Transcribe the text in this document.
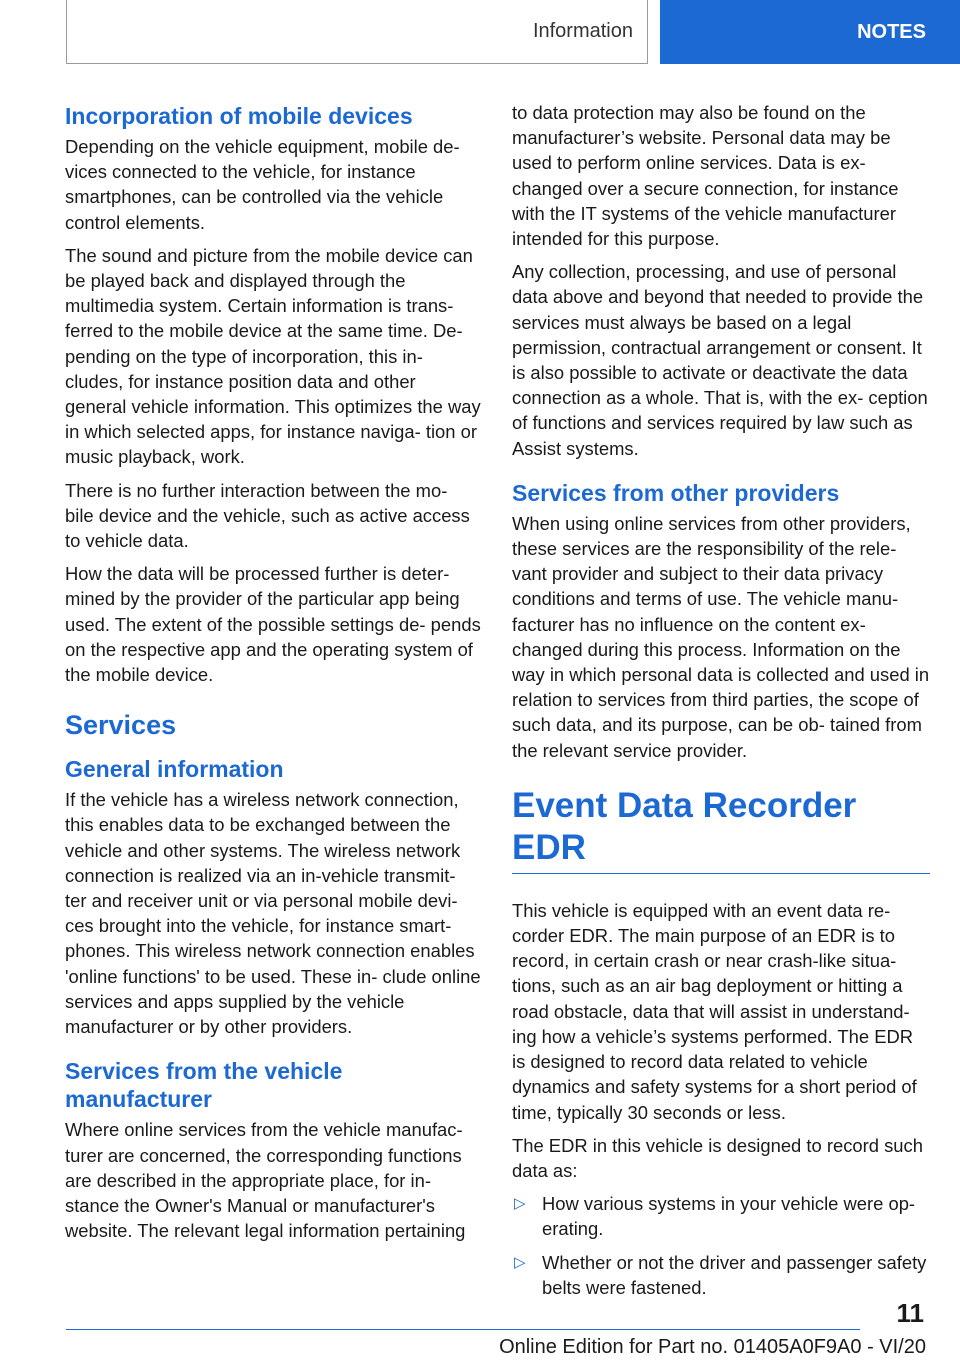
Information	NOTES
Incorporation of mobile devices

Depending on the vehicle equipment, mobile de‐ vices connected to the vehicle, for instance smartphones, can be controlled via the vehicle control elements.

The sound and picture from the mobile device can be played back and displayed through the multimedia system. Certain information is trans‐ ferred to the mobile device at the same time. De‐ pending on the type of incorporation, this in‐ cludes, for instance position data and other general vehicle information. This optimizes the way in which selected apps, for instance naviga‐ tion or music playback, work.

There is no further interaction between the mo‐ bile device and the vehicle, such as active access to vehicle data.

How the data will be processed further is deter‐ mined by the provider of the particular app being used. The extent of the possible settings de‐ pends on the respective app and the operating system of the mobile device.

Services
General information

If the vehicle has a wireless network connection, this enables data to be exchanged between the vehicle and other systems. The wireless network connection is realized via an in-vehicle transmit‐ ter and receiver unit or via personal mobile devi‐ ces brought into the vehicle, for instance smart‐ phones. This wireless network connection enables 'online functions' to be used. These in‐ clude online services and apps supplied by the vehicle manufacturer or by other providers.

Services from the vehicle manufacturer

Where online services from the vehicle manufac‐ turer are concerned, the corresponding functions are described in the appropriate place, for in‐ stance the Owner's Manual or manufacturer's website. The relevant legal information pertaining

to data protection may also be found on the manufacturer’s website. Personal data may be used to perform online services. Data is ex‐ changed over a secure connection, for instance with the IT systems of the vehicle manufacturer intended for this purpose.

Any collection, processing, and use of personal data above and beyond that needed to provide the services must always be based on a legal permission, contractual arrangement or consent. It is also possible to activate or deactivate the data connection as a whole. That is, with the ex‐ ception of functions and services required by law such as Assist systems.

Services from other providers

When using online services from other providers, these services are the responsibility of the rele‐ vant provider and subject to their data privacy conditions and terms of use. The vehicle manu‐ facturer has no influence on the content ex‐ changed during this process. Information on the way in which personal data is collected and used in relation to services from third parties, the scope of such data, and its purpose, can be ob‐ tained from the relevant service provider.

Event Data Recorder EDR

This vehicle is equipped with an event data re‐ corder EDR. The main purpose of an EDR is to record, in certain crash or near crash-like situa‐ tions, such as an air bag deployment or hitting a road obstacle, data that will assist in understand‐ ing how a vehicle’s systems performed. The EDR is designed to record data related to vehicle dynamics and safety systems for a short period of time, typically 30 seconds or less.

The EDR in this vehicle is designed to record such data as:

▷ How various systems in your vehicle were op‐ erating.
▷ Whether or not the driver and passenger safety belts were fastened.
11
Online Edition for Part no. 01405A0F9A0 - VI/20
